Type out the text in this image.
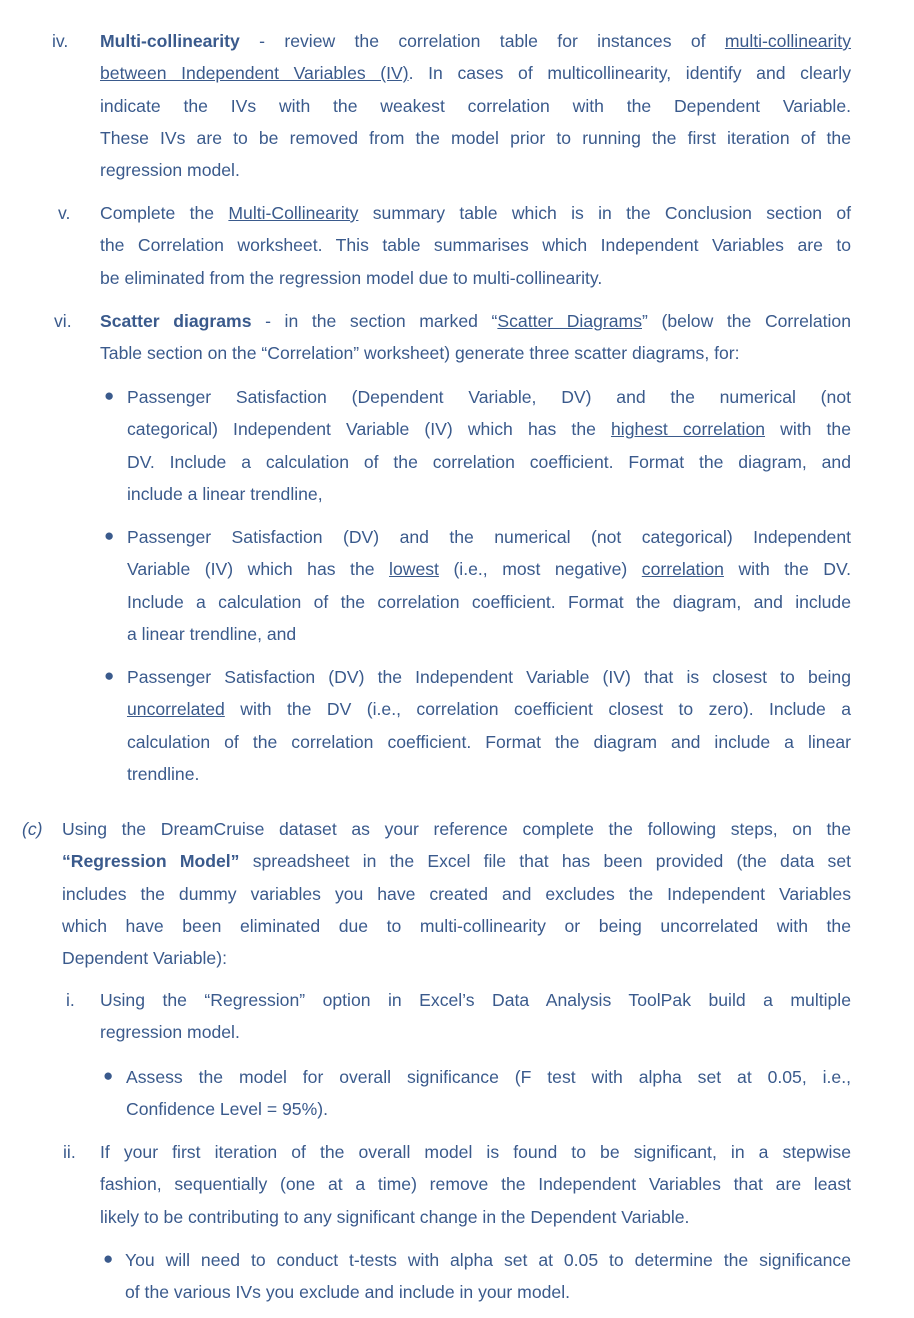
iv. Multi-collinearity - review the correlation table for instances of multi-collinearity
between Independent Variables (IV). In cases of multicollinearity, identify and clearly
indicate the IVs with the weakest correlation with the Dependent Variable.
These IVs are to be removed from the model prior to running the first iteration of the
regression model.
v. Complete the Multi-Collinearity summary table which is in the Conclusion section of
the Correlation worksheet. This table summarises which Independent Variables are to
be eliminated from the regression model due to multi-collinearity.
vi. Scatter diagrams - in the section marked “Scatter Diagrams” (below the Correlation
Table section on the “Correlation” worksheet) generate three scatter diagrams, for:
● Passenger Satisfaction (Dependent Variable, DV) and the numerical (not
categorical) Independent Variable (IV) which has the highest correlation with the
DV. Include a calculation of the correlation coefficient. Format the diagram, and
include a linear trendline,
● Passenger Satisfaction (DV) and the numerical (not categorical) Independent
Variable (IV) which has the lowest (i.e., most negative) correlation with the DV.
Include a calculation of the correlation coefficient. Format the diagram, and include
a linear trendline, and
● Passenger Satisfaction (DV) the Independent Variable (IV) that is closest to being
uncorrelated with the DV (i.e., correlation coefficient closest to zero). Include a
calculation of the correlation coefficient. Format the diagram and include a linear
trendline.
(c) Using the DreamCruise dataset as your reference complete the following steps, on the
“Regression Model” spreadsheet in the Excel file that has been provided (the data set
includes the dummy variables you have created and excludes the Independent Variables
which have been eliminated due to multi-collinearity or being uncorrelated with the
Dependent Variable):
i. Using the “Regression” option in Excel’s Data Analysis ToolPak build a multiple
regression model.
● Assess the model for overall significance (F test with alpha set at 0.05, i.e.,
Confidence Level = 95%).
ii. If your first iteration of the overall model is found to be significant, in a stepwise
fashion, sequentially (one at a time) remove the Independent Variables that are least
likely to be contributing to any significant change in the Dependent Variable.
● You will need to conduct t-tests with alpha set at 0.05 to determine the significance
of the various IVs you exclude and include in your model.
